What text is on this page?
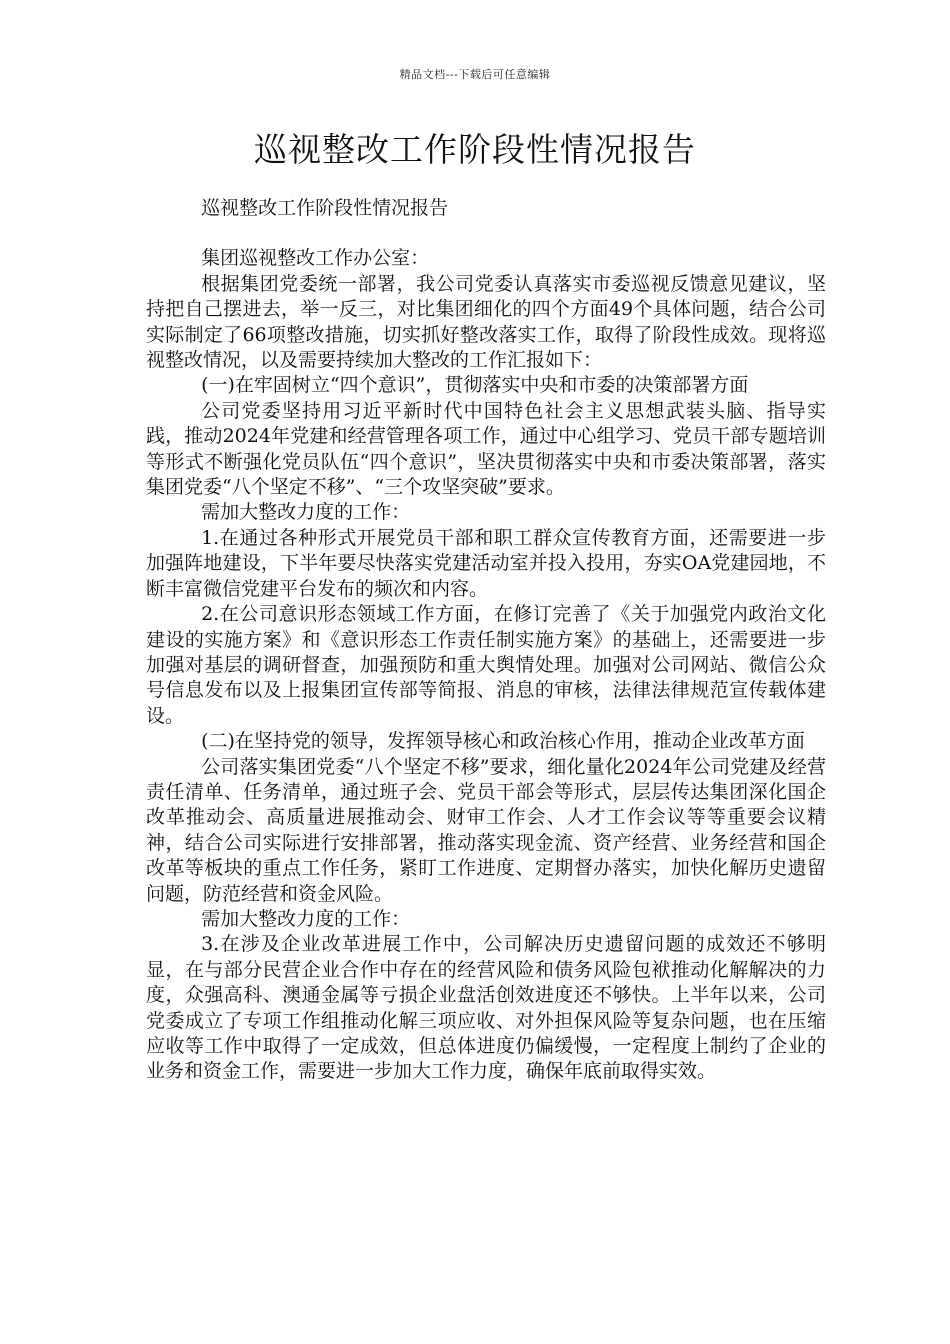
精品文档---下载后可任意编辑
巡视整改工作阶段性情况报告

巡视整改工作阶段性情况报告

集团巡视整改工作办公室：

根据集团党委统一部署，我公司党委认真落实市委巡视反馈意见建议，坚持把自己摆进去，举一反三，对比集团细化的四个方面49个具体问题，结合公司实际制定了66项整改措施，切实抓好整改落实工作，取得了阶段性成效。现将巡视整改情况，以及需要持续加大整改的工作汇报如下：

(一)在牢固树立“四个意识”，贯彻落实中央和市委的决策部署方面

公司党委坚持用习近平新时代中国特色社会主义思想武装头脑、指导实践，推动2024年党建和经营管理各项工作，通过中心组学习、党员干部专题培训等形式不断强化党员队伍“四个意识”，坚决贯彻落实中央和市委决策部署，落实集团党委“八个坚定不移”、“三个攻坚突破”要求。

需加大整改力度的工作：

1.在通过各种形式开展党员干部和职工群众宣传教育方面，还需要进一步加强阵地建设，下半年要尽快落实党建活动室并投入投用，夯实OA党建园地，不断丰富微信党建平台发布的频次和内容。

2.在公司意识形态领域工作方面，在修订完善了《关于加强党内政治文化建设的实施方案》和《意识形态工作责任制实施方案》的基础上，还需要进一步加强对基层的调研督查，加强预防和重大舆情处理。加强对公司网站、微信公众号信息发布以及上报集团宣传部等简报、消息的审核，法律法律规范宣传载体建设。

(二)在坚持党的领导，发挥领导核心和政治核心作用，推动企业改革方面

公司落实集团党委“八个坚定不移”要求，细化量化2024年公司党建及经营责任清单、任务清单，通过班子会、党员干部会等形式，层层传达集团深化国企改革推动会、高质量进展推动会、财审工作会、人才工作会议等等重要会议精神，结合公司实际进行安排部署，推动落实现金流、资产经营、业务经营和国企改革等板块的重点工作任务，紧盯工作进度、定期督办落实，加快化解历史遗留问题，防范经营和资金风险。

需加大整改力度的工作：

3.在涉及企业改革进展工作中，公司解决历史遗留问题的成效还不够明显，在与部分民营企业合作中存在的经营风险和债务风险包袱推动化解解决的力度，众强高科、澳通金属等亏损企业盘活创效进度还不够快。上半年以来，公司党委成立了专项工作组推动化解三项应收、对外担保风险等复杂问题，也在压缩应收等工作中取得了一定成效，但总体进度仍偏缓慢，一定程度上制约了企业的业务和资金工作，需要进一步加大工作力度，确保年底前取得实效。
